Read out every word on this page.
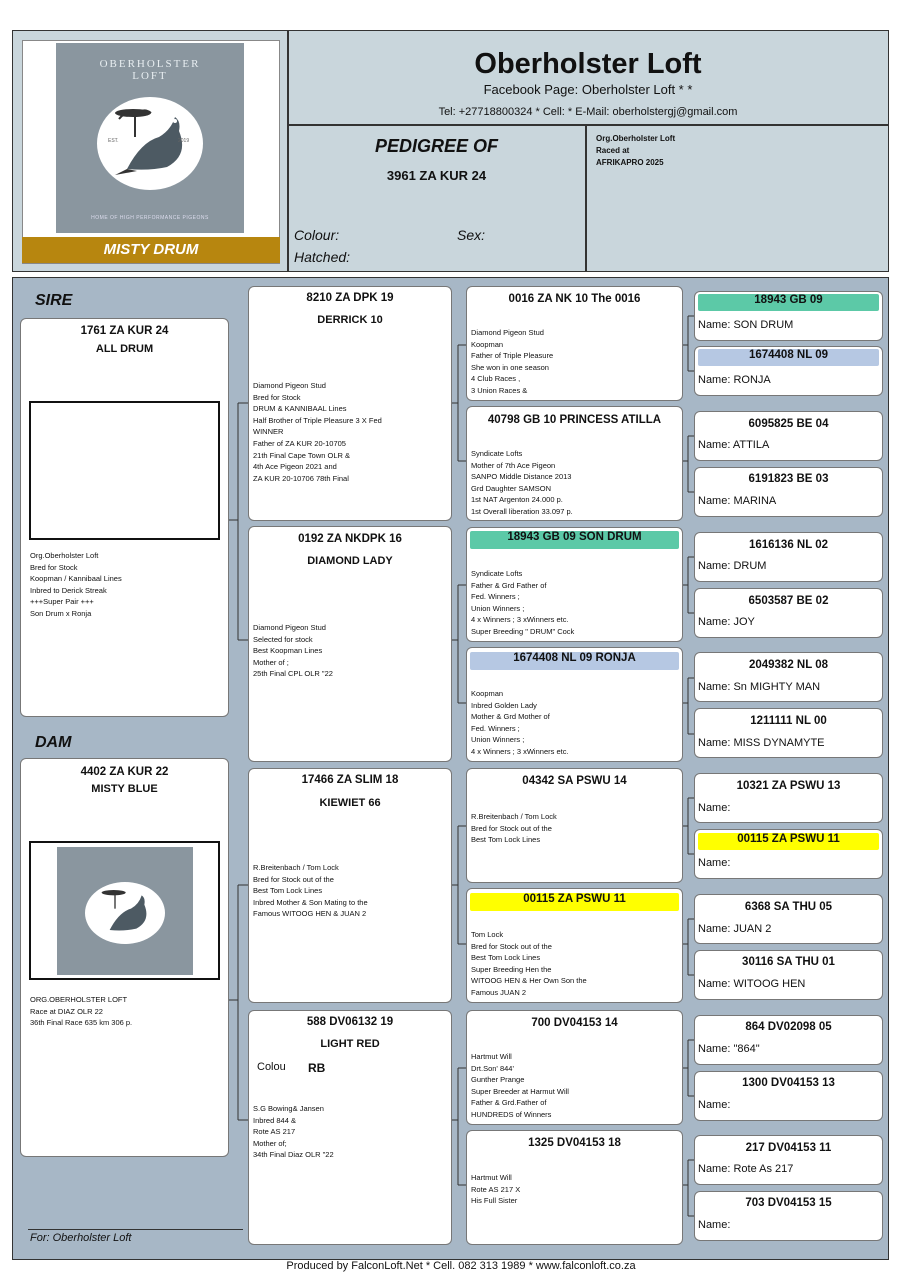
OBERHOLSTER LOFT
EST.	2019
HOME OF HIGH PERFORMANCE PIGEONS
MISTY DRUM
Oberholster Loft
Facebook Page: Oberholster Loft * *
Tel: +27718800324 * Cell: * E-Mail: oberholstergj@gmail.com
PEDIGREE OF
3961 ZA KUR 24
Colour:	Sex:
Hatched:
Org.Oberholster Loft
Raced at
AFRIKAPRO 2025
SIRE
1761 ZA KUR 24
ALL DRUM
Org.Oberholster Loft
Bred for Stock
Koopman / Kannibaal Lines
Inbred to Derick Streak
+++Super Pair +++
Son Drum x Ronja
DAM
4402 ZA KUR 22
MISTY BLUE
ORG.OBERHOLSTER LOFT
Race at DIAZ OLR 22
36th Final Race 635 km 306 p.
For: Oberholster Loft
8210 ZA DPK 19
DERRICK 10
Diamond Pigeon Stud
Bred for Stock
DRUM & KANNIBAAL Lines
Half Brother of Triple Pleasure 3 X Fed
WINNER
Father of ZA KUR 20-10705
21th Final Cape Town OLR &
4th Ace Pigeon 2021 and
ZA KUR 20-10706 78th Final
0192 ZA NKDPK 16
DIAMOND LADY
Diamond Pigeon Stud
Selected for stock
Best Koopman Lines
Mother of ;
25th Final CPL OLR "22
17466 ZA SLIM 18
KIEWIET 66
R.Breitenbach / Tom Lock
Bred for Stock out of the
Best Tom Lock Lines
Inbred Mother & Son Mating to the
Famous WITOOG HEN & JUAN 2
588 DV06132 19
LIGHT RED
Colou RB
S.G Bowing& Jansen
Inbred 844 &
Rote AS 217
Mother of;
34th Final Diaz OLR "22
0016 ZA NK 10 The 0016
Diamond Pigeon Stud
Koopman
Father of Triple Pleasure
She won in one season
4 Club Races ,
3 Union Races &
40798 GB 10 PRINCESS ATILLA
Syndicate Lofts
Mother of 7th Ace Pigeon
SANPO Middle Distance 2013
Grd Daughter SAMSON
1st NAT Argenton 24.000 p.
1st Overall liberation 33.097 p.
18943 GB 09 SON DRUM
Syndicate Lofts
Father & Grd Father of
Fed. Winners ;
Union Winners ;
4 x Winners ; 3 xWinners etc.
Super Breeding " DRUM" Cock
1674408 NL 09 RONJA
Koopman
Inbred Golden Lady
Mother & Grd Mother of
Fed. Winners ;
Union Winners ;
4 x Winners ; 3 xWinners etc.
04342 SA PSWU 14
R.Breitenbach / Tom Lock
Bred for Stock out of the
Best Tom Lock Lines
00115 ZA PSWU 11
Tom Lock
Bred for Stock out of the
Best Tom Lock Lines
Super Breeding Hen the
WITOOG HEN & Her Own Son the
Famous JUAN 2
700 DV04153 14
Hartmut Will
Drt.Son' 844'
Gunther Prange
Super Breeder at Harmut Will
Father & Grd.Father of
HUNDREDS of Winners
1325 DV04153 18
Hartmut Will
Rote AS 217 X
His Full Sister
18943 GB 09
Name: SON DRUM
1674408 NL 09
Name: RONJA
6095825 BE 04
Name: ATTILA
6191823 BE 03
Name: MARINA
1616136 NL 02
Name: DRUM
6503587 BE 02
Name: JOY
2049382 NL 08
Name: Sn MIGHTY MAN
1211111 NL 00
Name: MISS DYNAMYTE
10321 ZA PSWU 13
Name:
00115 ZA PSWU 11
Name:
6368 SA THU 05
Name: JUAN 2
30116 SA THU 01
Name: WITOOG HEN
864 DV02098 05
Name: "864"
1300 DV04153 13
Name:
217 DV04153 11
Name: Rote As 217
703 DV04153 15
Name:
Produced by FalconLoft.Net * Cell. 082 313 1989 * www.falconloft.co.za
